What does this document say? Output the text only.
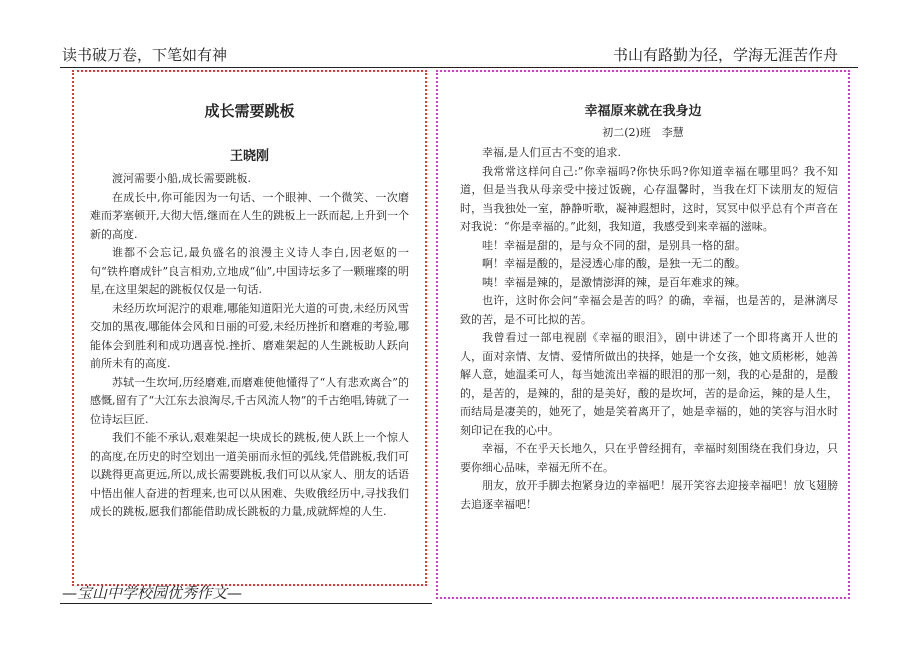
读书破万卷，下笔如有神	书山有路勤为径，学海无涯苦作舟
成长需要跳板
王晓刚

渡河需要小船,成长需要跳板.

在成长中,你可能因为一句话、一个眼神、一个微笑、一次磨难而茅塞顿开,大彻大悟,继而在人生的跳板上一跃而起,上升到一个新的高度.

谁都不会忘记,最负盛名的浪漫主义诗人李白,因老妪的一句“铁杵磨成针”良言相劝,立地成“仙”,中国诗坛多了一颗璀璨的明星,在这里架起的跳板仅仅是一句话.

未经历坎坷泥泞的艰难,哪能知道阳光大道的可贵,未经历风雪交加的黑夜,哪能体会风和日丽的可爱,未经历挫折和磨难的考验,哪能体会到胜利和成功遇喜悦.挫折、磨难架起的人生跳板助人跃向前所未有的高度.

苏轼一生坎坷,历经磨难,而磨难使他懂得了“人有悲欢离合”的感慨,留有了“大江东去浪淘尽,千古风流人物”的千古绝唱,铸就了一位诗坛巨匠.

我们不能不承认,艰难架起一块成长的跳板,使人跃上一个惊人的高度,在历史的时空划出一道美丽而永恒的弧线,凭借跳板,我们可以跳得更高更远,所以,成长需要跳板,我们可以从家人、朋友的话语中悟出催人奋进的哲理来,也可以从困难、失败俄经历中,寻找我们成长的跳板,愿我们都能借助成长跳板的力量,成就辉煌的人生.

幸福原来就在我身边
初二(2)班　李慧

幸福,是人们亘古不变的追求.

我常常这样问自己:”你幸福吗?你快乐吗?你知道幸福在哪里吗？我不知道，但是当我从母亲受中接过饭碗，心存温馨时，当我在灯下读朋友的短信时，当我独处一室，静静听歌，凝神遐想时，这时，冥冥中似乎总有个声音在对我说：“你是幸福的。”此刻，我知道，我感受到来幸福的滋味。

哇！幸福是甜的，是与众不同的甜，是别具一格的甜。

啊！幸福是酸的，是浸透心扉的酸，是独一无二的酸。

咦！幸福是辣的，是激情澎湃的辣，是百年难求的辣。

也许，这时你会问“幸福会是苦的吗？的确，幸福，也是苦的，是淋漓尽致的苦，是不可比拟的苦。

我曾看过一部电视剧《幸福的眼泪》，剧中讲述了一个即将离开人世的人，面对亲情、友情、爱情所做出的抉择，她是一个女孩，她文质彬彬，她善解人意，她温柔可人，每当她流出幸福的眼泪的那一刻，我的心是甜的，是酸的，是苦的，是辣的，甜的是美好，酸的是坎坷，苦的是命运，辣的是人生，而结局是凄美的，她死了，她是笑着离开了，她是幸福的，她的笑容与泪水时刻印记在我的心中。

幸福，不在乎天长地久，只在乎曾经拥有，幸福时刻围绕在我们身边，只要你细心品味，幸福无所不在。

朋友，放开手脚去抱紧身边的幸福吧！展开笑容去迎接幸福吧！放飞翅膀去追逐幸福吧！

—宝山中学校园优秀作文—
